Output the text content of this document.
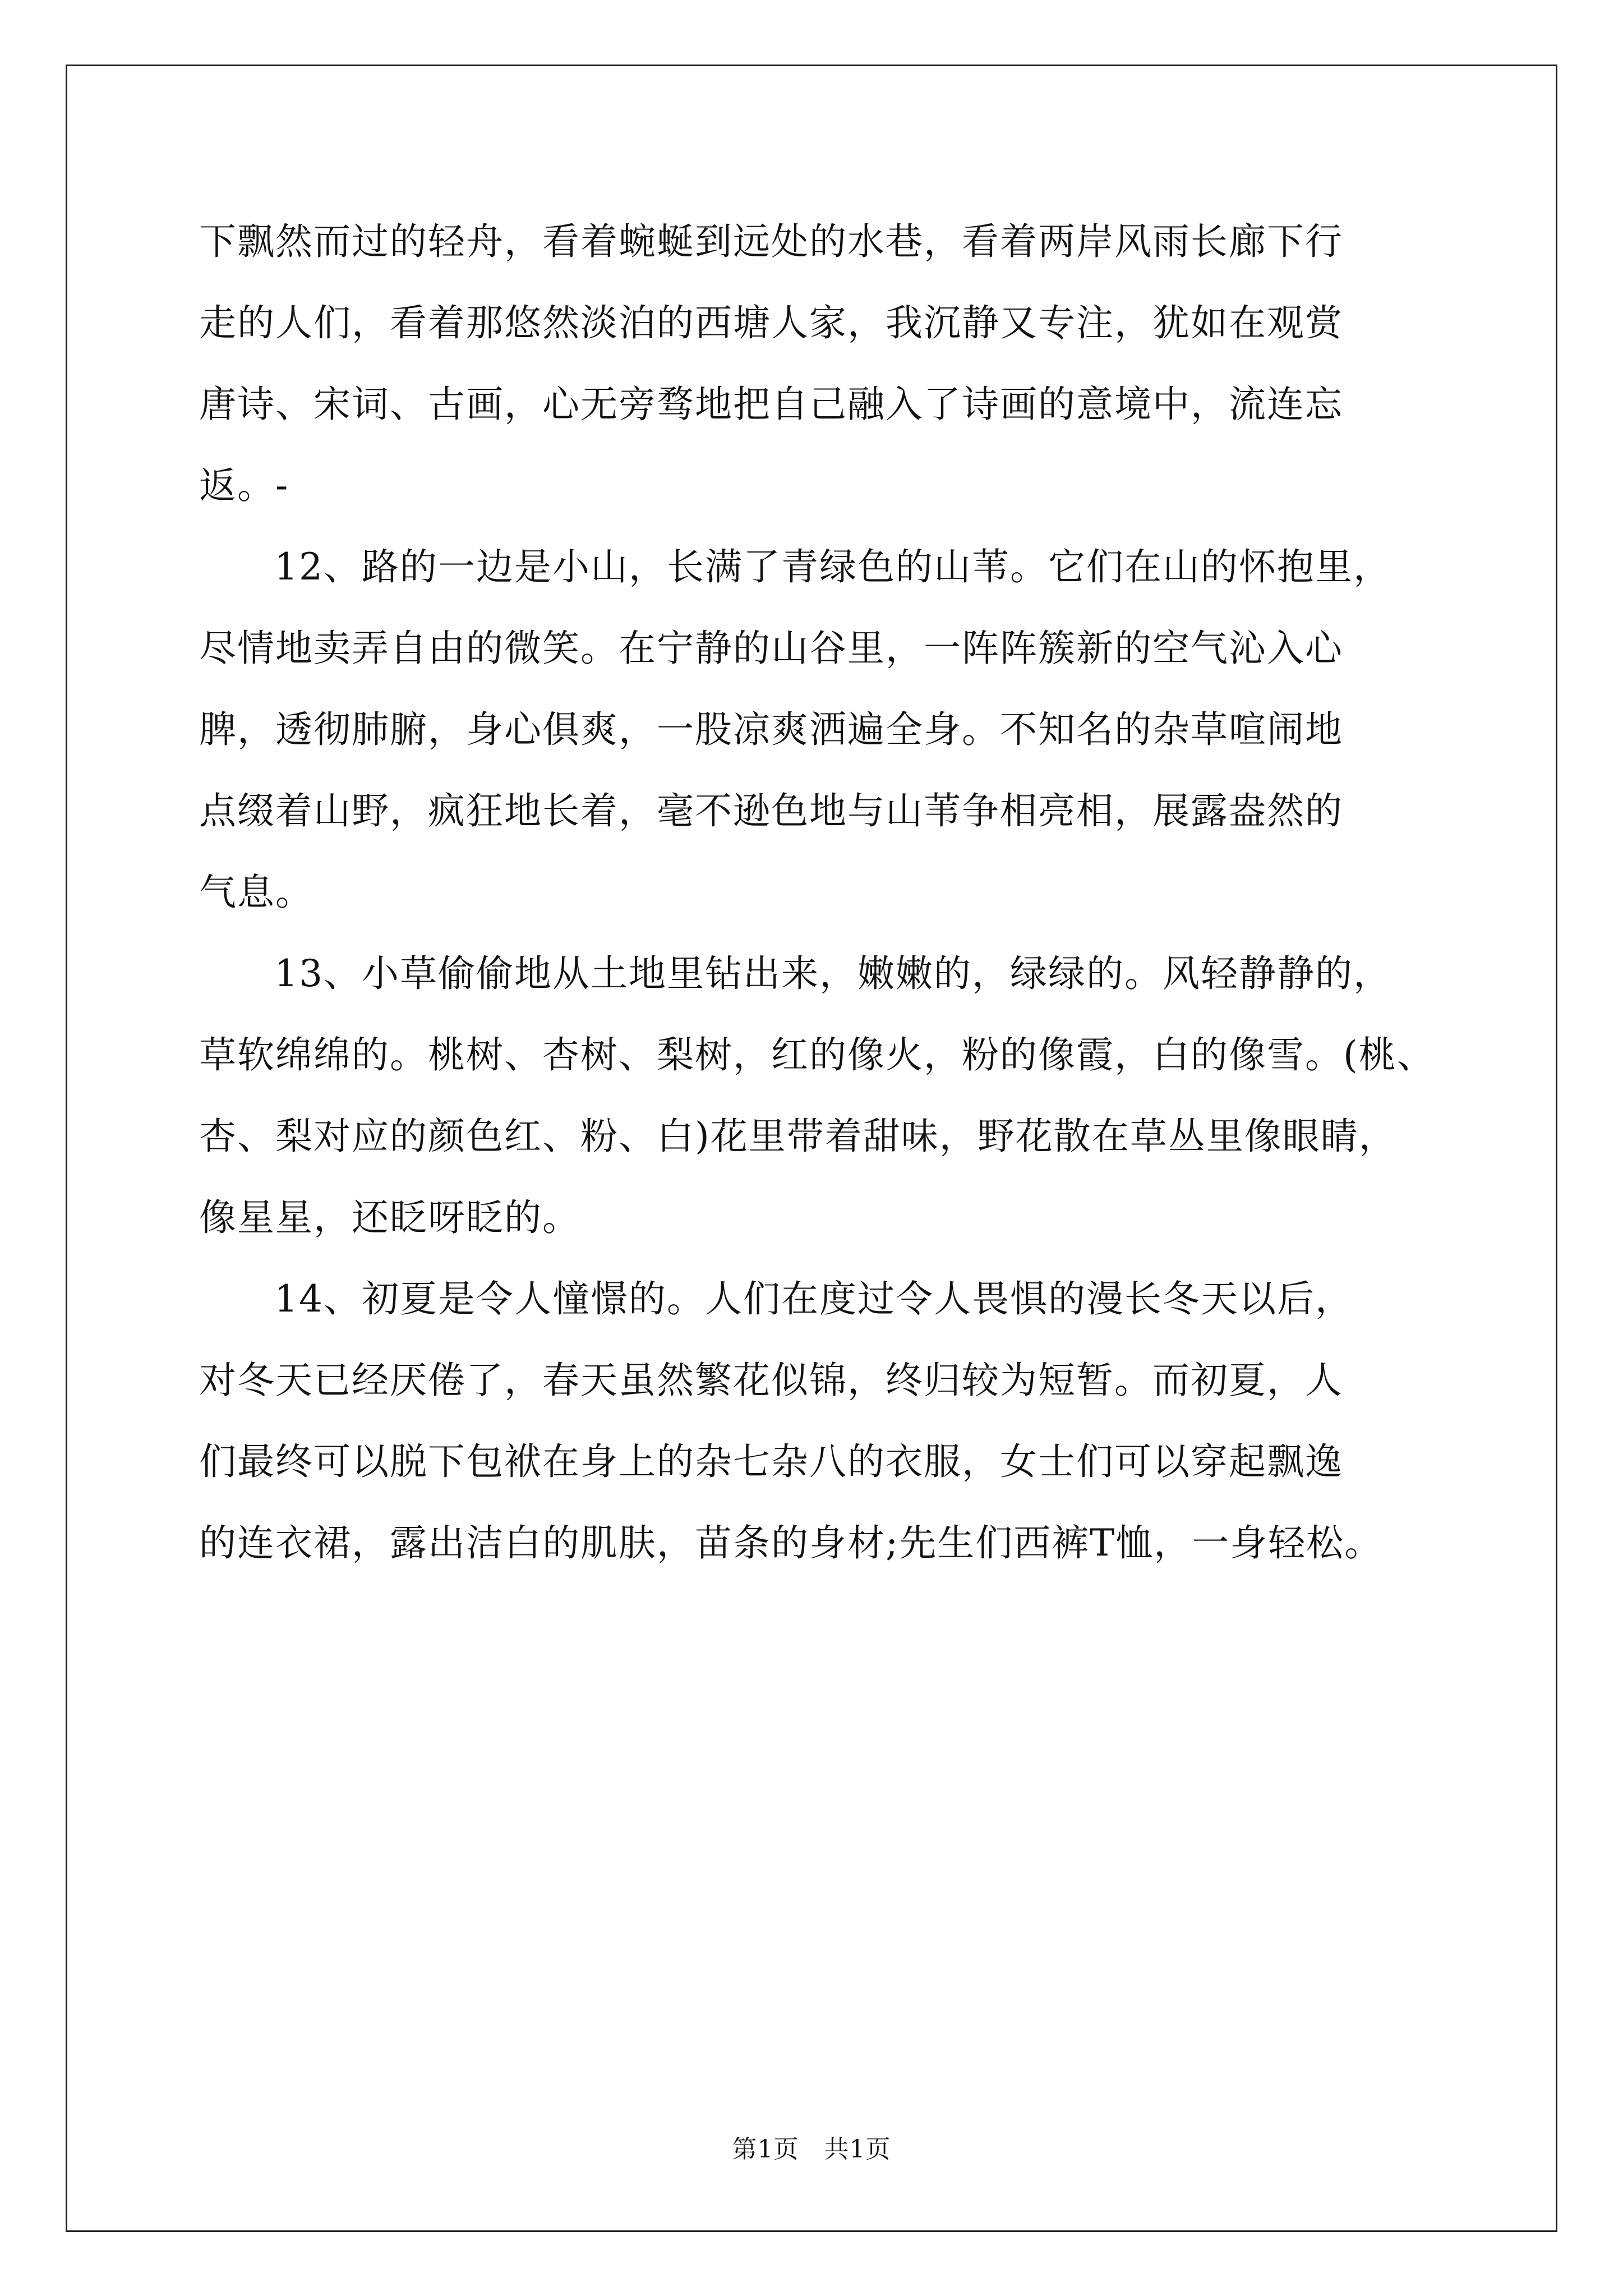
下飘然而过的轻舟，看着蜿蜒到远处的水巷，看着两岸风雨长廊下行
走的人们，看着那悠然淡泊的西塘人家，我沉静又专注，犹如在观赏
唐诗、宋词、古画，心无旁骛地把自己融入了诗画的意境中，流连忘
返。-
12、路的一边是小山，长满了青绿色的山苇。它们在山的怀抱里，
尽情地卖弄自由的微笑。在宁静的山谷里，一阵阵簇新的空气沁入心
脾，透彻肺腑，身心俱爽，一股凉爽洒遍全身。不知名的杂草喧闹地
点缀着山野，疯狂地长着，毫不逊色地与山苇争相亮相，展露盎然的
气息。
13、小草偷偷地从土地里钻出来，嫩嫩的，绿绿的。风轻静静的，
草软绵绵的。桃树、杏树、梨树，红的像火，粉的像霞，白的像雪。(桃、
杏、梨对应的颜色红、粉、白)花里带着甜味，野花散在草丛里像眼睛，
像星星，还眨呀眨的。
14、初夏是令人憧憬的。人们在度过令人畏惧的漫长冬天以后，
对冬天已经厌倦了，春天虽然繁花似锦，终归较为短暂。而初夏，人
们最终可以脱下包袱在身上的杂七杂八的衣服，女士们可以穿起飘逸
的连衣裙，露出洁白的肌肤，苗条的身材;先生们西裤T恤，一身轻松。
第1页　共1页
